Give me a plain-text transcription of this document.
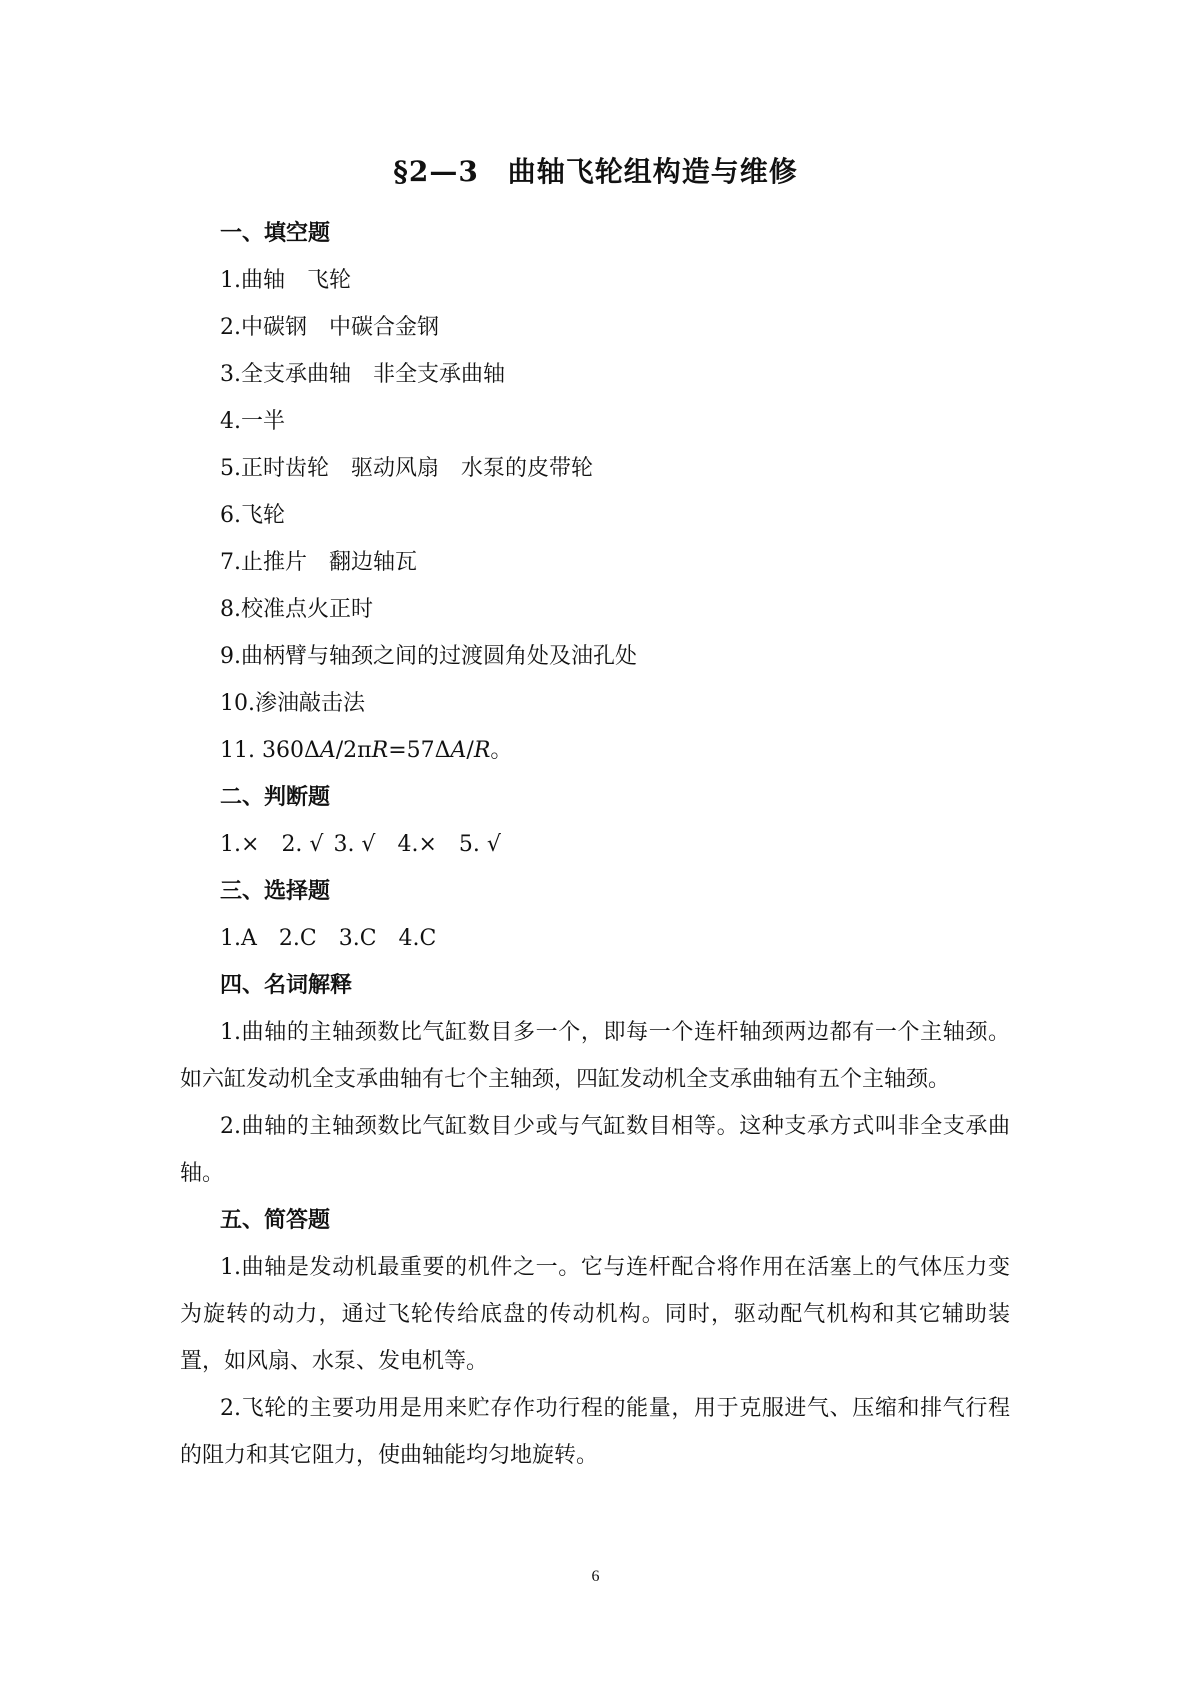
§2—3　曲轴飞轮组构造与维修
一、填空题
1.曲轴　飞轮
2.中碳钢　中碳合金钢
3.全支承曲轴　非全支承曲轴
4.一半
5.正时齿轮　驱动风扇　水泵的皮带轮
6.飞轮
7.止推片　翻边轴瓦
8.校准点火正时
9.曲柄臂与轴颈之间的过渡圆角处及油孔处
10.渗油敲击法
11. 360ΔA/2πR=57ΔA/R。
二、判断题
1.× 2. √ 3. √ 4.× 5. √
三、选择题
1.A 2.C 3.C 4.C
四、名词解释

1.曲轴的主轴颈数比气缸数目多一个，即每一个连杆轴颈两边都有一个主轴颈。如六缸发动机全支承曲轴有七个主轴颈，四缸发动机全支承曲轴有五个主轴颈。

2.曲轴的主轴颈数比气缸数目少或与气缸数目相等。这种支承方式叫非全支承曲轴。

五、简答题

1.曲轴是发动机最重要的机件之一。它与连杆配合将作用在活塞上的气体压力变为旋转的动力，通过飞轮传给底盘的传动机构。同时，驱动配气机构和其它辅助装置，如风扇、水泵、发电机等。

2.飞轮的主要功用是用来贮存作功行程的能量，用于克服进气、压缩和排气行程的阻力和其它阻力，使曲轴能均匀地旋转。

6
